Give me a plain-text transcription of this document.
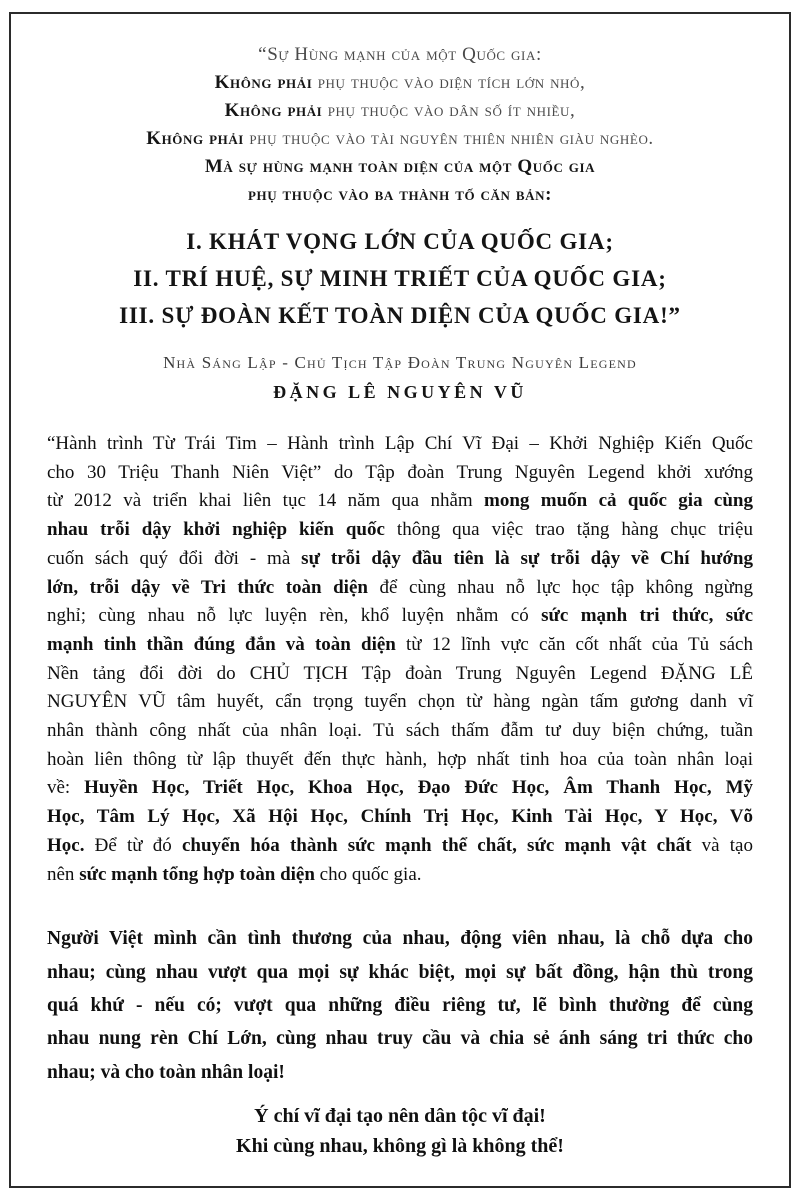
“Sự Hùng mạnh của một Quốc gia:
Không phải phụ thuộc vào diện tích lớn nhỏ,
Không phải phụ thuộc vào dân số ít nhiều,
Không phải phụ thuộc vào tài nguyên thiên nhiên giàu nghèo.
Mà sự hùng mạnh toàn diện của một Quốc gia
phụ thuộc vào ba thành tố căn bản:
I. KHÁT VỌNG LỚN CỦA QUỐC GIA;
II. TRÍ HUỆ, SỰ MINH TRIẾT CỦA QUỐC GIA;
III. SỰ ĐOÀN KẾT TOÀN DIỆN CỦA QUỐC GIA!”
Nhà Sáng Lập - Chủ Tịch Tập Đoàn Trung Nguyên Legend
ĐẶNG LÊ NGUYÊN VŨ
“Hành trình Từ Trái Tim – Hành trình Lập Chí Vĩ Đại – Khởi Nghiệp Kiến Quốc
cho 30 Triệu Thanh Niên Việt” do Tập đoàn Trung Nguyên Legend khởi xướng
từ 2012 và triển khai liên tục 14 năm qua nhằm mong muốn cả quốc gia cùng
nhau trỗi dậy khởi nghiệp kiến quốc thông qua việc trao tặng hàng chục triệu
cuốn sách quý đổi đời - mà sự trỗi dậy đầu tiên là sự trỗi dậy về Chí hướng
lớn, trỗi dậy về Tri thức toàn diện để cùng nhau nỗ lực học tập không ngừng
nghỉ; cùng nhau nỗ lực luyện rèn, khổ luyện nhằm có sức mạnh tri thức, sức
mạnh tinh thần đúng đắn và toàn diện từ 12 lĩnh vực căn cốt nhất của Tủ sách
Nền tảng đổi đời do CHỦ TỊCH Tập đoàn Trung Nguyên Legend ĐẶNG LÊ
NGUYÊN VŨ tâm huyết, cẩn trọng tuyển chọn từ hàng ngàn tấm gương danh vĩ
nhân thành công nhất của nhân loại. Tủ sách thấm đẫm tư duy biện chứng, tuần
hoàn liên thông từ lập thuyết đến thực hành, hợp nhất tinh hoa của toàn nhân loại
về: Huyền Học, Triết Học, Khoa Học, Đạo Đức Học, Âm Thanh Học, Mỹ
Học, Tâm Lý Học, Xã Hội Học, Chính Trị Học, Kinh Tài Học, Y Học, Võ
Học. Để từ đó chuyển hóa thành sức mạnh thể chất, sức mạnh vật chất và tạo
nên sức mạnh tổng hợp toàn diện cho quốc gia.
Người Việt mình cần tình thương của nhau, động viên nhau, là chỗ dựa cho
nhau; cùng nhau vượt qua mọi sự khác biệt, mọi sự bất đồng, hận thù trong
quá khứ - nếu có; vượt qua những điều riêng tư, lẽ bình thường để cùng
nhau nung rèn Chí Lớn, cùng nhau truy cầu và chia sẻ ánh sáng tri thức cho
nhau; và cho toàn nhân loại!
Ý chí vĩ đại tạo nên dân tộc vĩ đại!
Khi cùng nhau, không gì là không thể!
